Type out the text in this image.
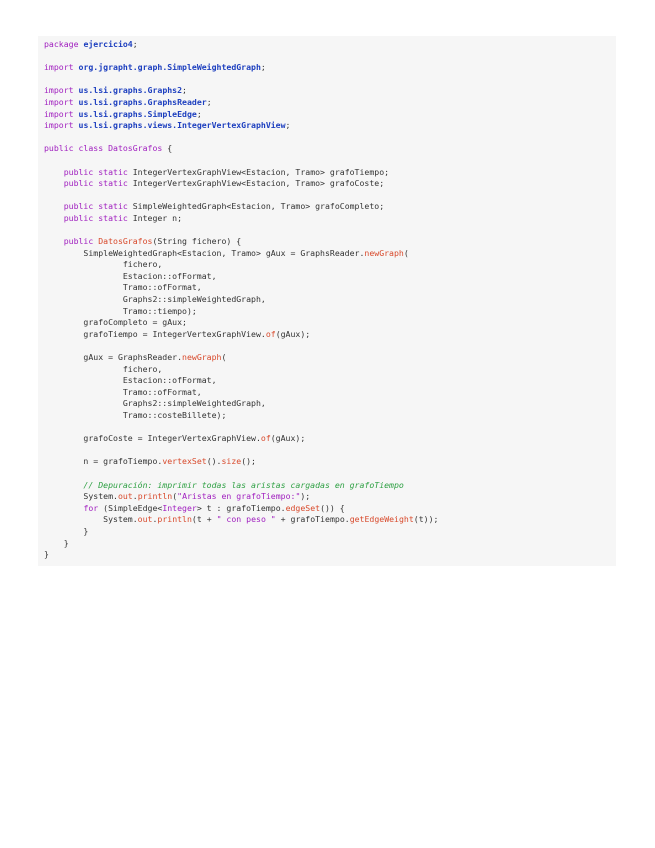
package ejercicio4;

import org.jgrapht.graph.SimpleWeightedGraph;

import us.lsi.graphs.Graphs2;
import us.lsi.graphs.GraphsReader;
import us.lsi.graphs.SimpleEdge;
import us.lsi.graphs.views.IntegerVertexGraphView;

public class DatosGrafos {

public static IntegerVertexGraphView<Estacion, Tramo> grafoTiempo;
public static IntegerVertexGraphView<Estacion, Tramo> grafoCoste;

public static SimpleWeightedGraph<Estacion, Tramo> grafoCompleto;
public static Integer n;

public DatosGrafos(String fichero) {
SimpleWeightedGraph<Estacion, Tramo> gAux = GraphsReader.newGraph(
fichero,
Estacion::ofFormat,
Tramo::ofFormat,
Graphs2::simpleWeightedGraph,
Tramo::tiempo);
grafoCompleto = gAux;
grafoTiempo = IntegerVertexGraphView.of(gAux);

gAux = GraphsReader.newGraph(
fichero,
Estacion::ofFormat,
Tramo::ofFormat,
Graphs2::simpleWeightedGraph,
Tramo::costeBillete);

grafoCoste = IntegerVertexGraphView.of(gAux);

n = grafoTiempo.vertexSet().size();

// Depuración: imprimir todas las aristas cargadas en grafoTiempo
System.out.println("Aristas en grafoTiempo:");
for (SimpleEdge<Integer> t : grafoTiempo.edgeSet()) {
System.out.println(t + " con peso " + grafoTiempo.getEdgeWeight(t));
}
}
}
